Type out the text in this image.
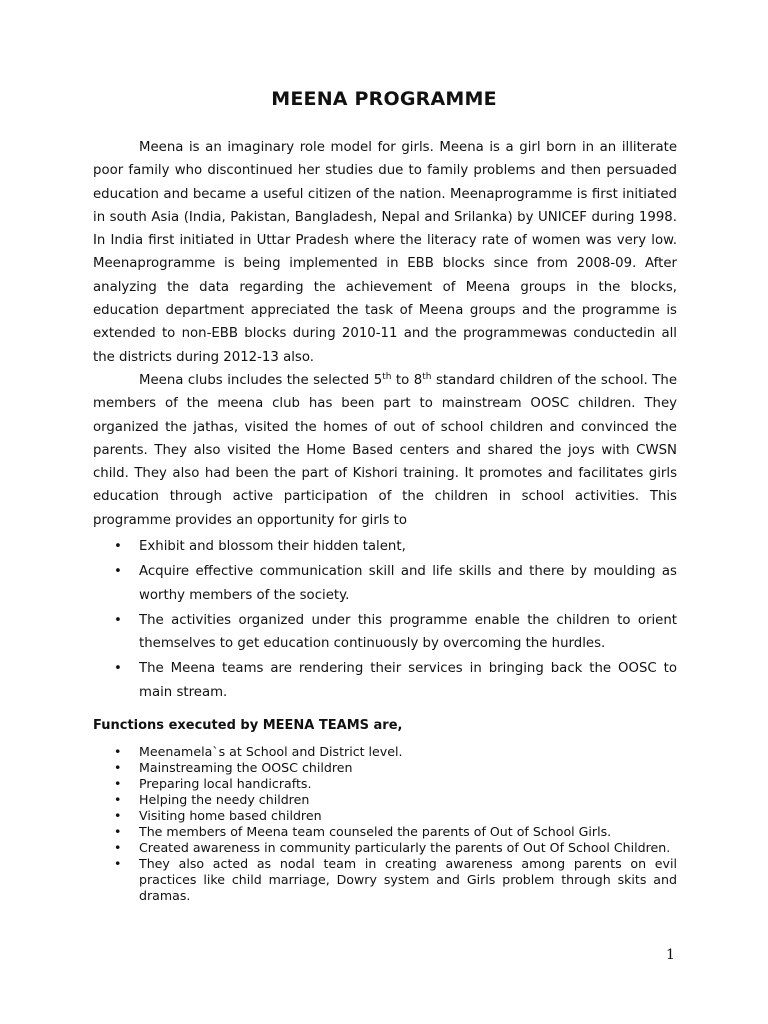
MEENA PROGRAMME
Meena is an imaginary role model for girls. Meena is a girl born in an illiterate poor family who discontinued her studies due to family problems and then persuaded education and became a useful citizen of the nation. Meenaprogramme is first initiated in south Asia (India, Pakistan, Bangladesh, Nepal and Srilanka) by UNICEF during 1998. In India first initiated in Uttar Pradesh where the literacy rate of women was very low. Meenaprogramme is being implemented in EBB blocks since from 2008-09. After analyzing the data regarding the achievement of Meena groups in the blocks, education department appreciated the task of Meena groups and the programme is extended to non-EBB blocks during 2010-11 and the programmewas conductedin all the districts during 2012-13 also.
Meena clubs includes the selected 5th to 8th standard children of the school. The members of the meena club has been part to mainstream OOSC children. They organized the jathas, visited the homes of out of school children and convinced the parents. They also visited the Home Based centers and shared the joys with CWSN child. They also had been the part of Kishori training. It promotes and facilitates girls education through active participation of the children in school activities. This programme provides an opportunity for girls to
• Exhibit and blossom their hidden talent,
• Acquire effective communication skill and life skills and there by moulding as worthy members of the society.
• The activities organized under this programme enable the children to orient themselves to get education continuously by overcoming the hurdles.
• The Meena teams are rendering their services in bringing back the OOSC to main stream.
Functions executed by MEENA TEAMS are,
• Meenamela`s at School and District level.
• Mainstreaming the OOSC children
• Preparing local handicrafts.
• Helping the needy children
• Visiting home based children
• The members of Meena team counseled the parents of Out of School Girls.
• Created awareness in community particularly the parents of Out Of School Children.
• They also acted as nodal team in creating awareness among parents on evil practices like child marriage, Dowry system and Girls problem through skits and dramas.
1
